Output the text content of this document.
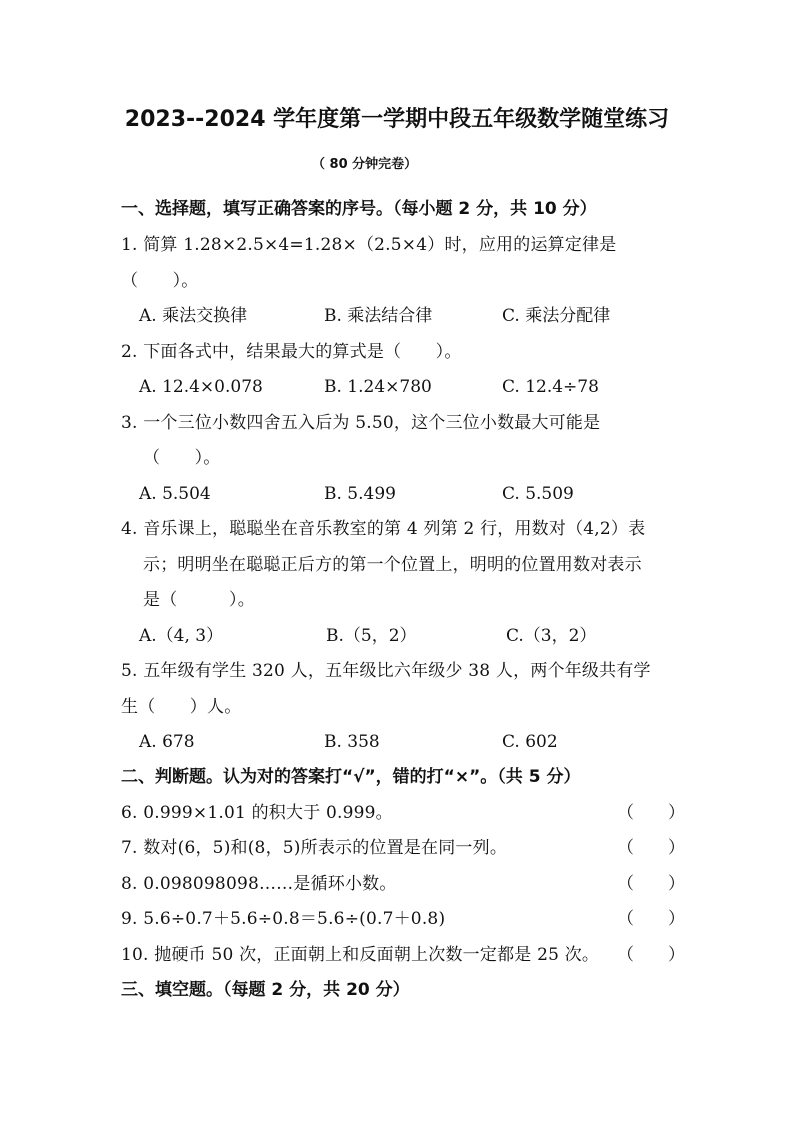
2023--2024 学年度第一学期中段五年级数学随堂练习
（ 80 分钟完卷）
一、选择题，填写正确答案的序号。（每小题 2 分，共 10 分）
1. 简算 1.28×2.5×4=1.28×（2.5×4）时，应用的运算定律是
（　　）。
A. 乘法交换律	B. 乘法结合律	C. 乘法分配律
2. 下面各式中，结果最大的算式是（　　）。
A. 12.4×0.078	B. 1.24×780	C. 12.4÷78
3. 一个三位小数四舍五入后为 5.50，这个三位小数最大可能是
（　　）。
A. 5.504	B. 5.499	C. 5.509
4. 音乐课上，聪聪坐在音乐教室的第 4 列第 2 行，用数对（4,2）表
示；明明坐在聪聪正后方的第一个位置上，明明的位置用数对表示
是（　　　）。
A.（4, 3）	B.（5，2）	C.（3，2）
5. 五年级有学生 320 人，五年级比六年级少 38 人，两个年级共有学
生（　　）人。
A. 678	B. 358	C. 602
二、判断题。认为对的答案打“√”，错的打“×”。（共 5 分）
6. 0.999×1.01 的积大于 0.999。	（　　）
7. 数对(6，5)和(8，5)所表示的位置是在同一列。	（　　）
8. 0.098098098……是循环小数。	（　　）
9. 5.6÷0.7＋5.6÷0.8＝5.6÷(0.7＋0.8)	（　　）
10. 抛硬币 50 次，正面朝上和反面朝上次数一定都是 25 次。 （　　）
三、填空题。（每题 2 分，共 20 分）
